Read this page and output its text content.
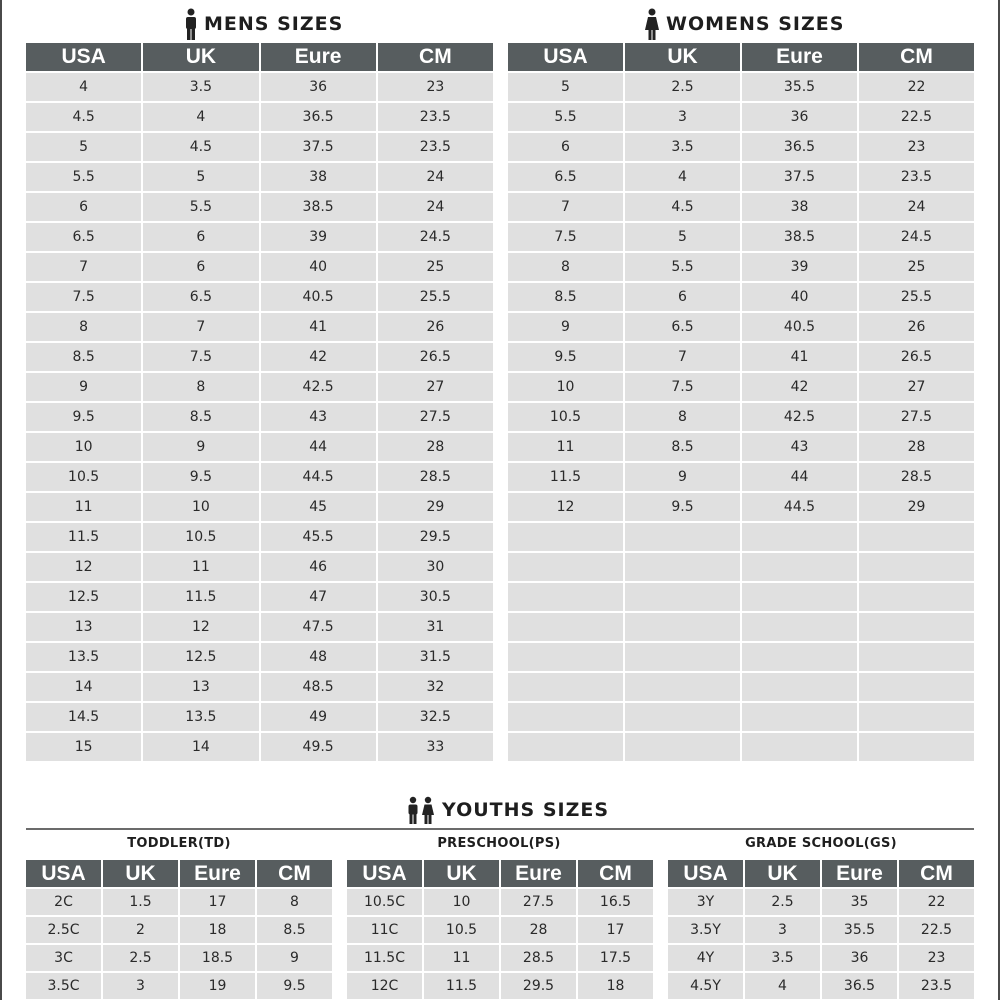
MENS SIZES	WOMENS SIZES
USA	UK	Eure	CM
4	3.5	36	23
4.5	4	36.5	23.5
5	4.5	37.5	23.5
5.5	5	38	24
6	5.5	38.5	24
6.5	6	39	24.5
7	6	40	25
7.5	6.5	40.5	25.5
8	7	41	26
8.5	7.5	42	26.5
9	8	42.5	27
9.5	8.5	43	27.5
10	9	44	28
10.5	9.5	44.5	28.5
11	10	45	29
11.5	10.5	45.5	29.5
12	11	46	30
12.5	11.5	47	30.5
13	12	47.5	31
13.5	12.5	48	31.5
14	13	48.5	32
14.5	13.5	49	32.5
15	14	49.5	33
USA	UK	Eure	CM
5	2.5	35.5	22
5.5	3	36	22.5
6	3.5	36.5	23
6.5	4	37.5	23.5
7	4.5	38	24
7.5	5	38.5	24.5
8	5.5	39	25
8.5	6	40	25.5
9	6.5	40.5	26
9.5	7	41	26.5
10	7.5	42	27
10.5	8	42.5	27.5
11	8.5	43	28
11.5	9	44	28.5
12	9.5	44.5	29

YOUTHS SIZES
TODDLER(TD)	PRESCHOOL(PS)	GRADE SCHOOL(GS)
USA	UK	Eure	CM
2C	1.5	17	8
2.5C	2	18	8.5
3C	2.5	18.5	9
3.5C	3	19	9.5
USA	UK	Eure	CM
10.5C	10	27.5	16.5
11C	10.5	28	17
11.5C	11	28.5	17.5
12C	11.5	29.5	18
USA	UK	Eure	CM
3Y	2.5	35	22
3.5Y	3	35.5	22.5
4Y	3.5	36	23
4.5Y	4	36.5	23.5
